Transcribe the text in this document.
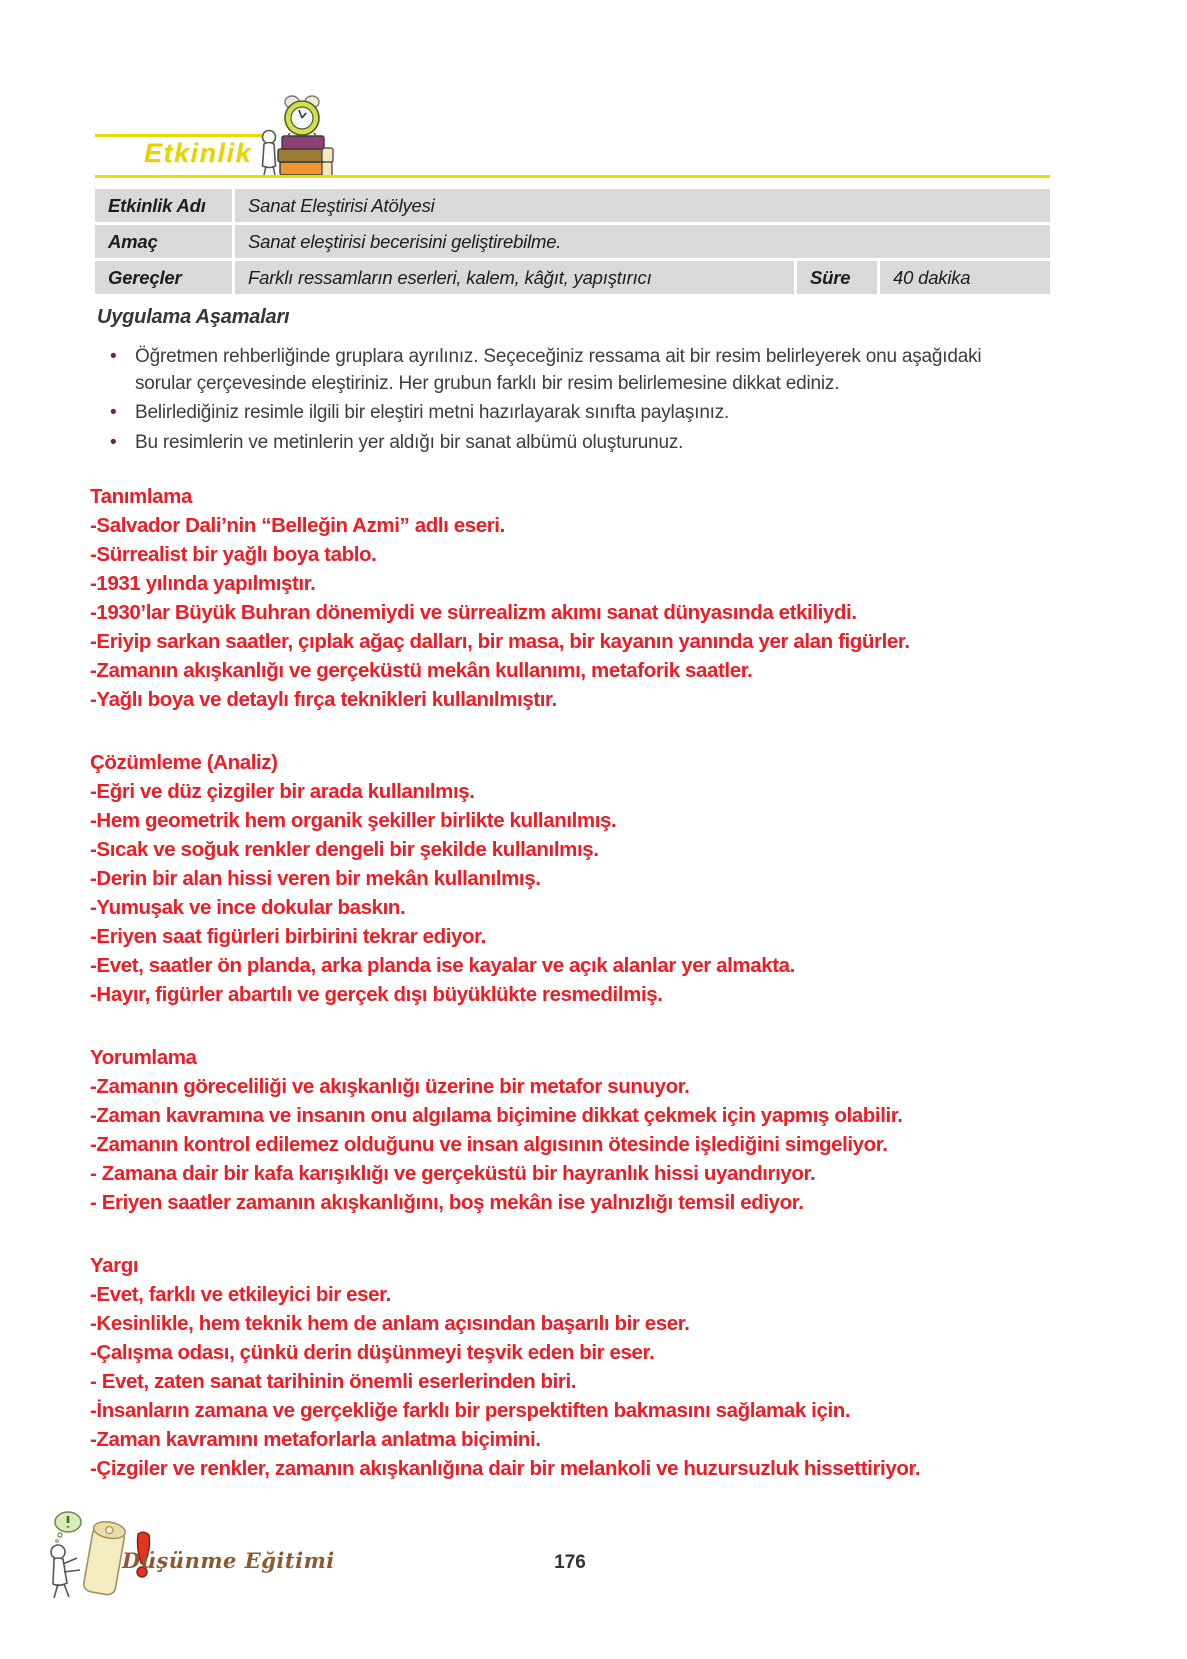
Etkinlik
Etkinlik Adı	Sanat Eleştirisi Atölyesi
Amaç	Sanat eleştirisi becerisini geliştirebilme.
Gereçler	Farklı ressamların eserleri, kalem, kâğıt, yapıştırıcı	Süre	40 dakika
Uygulama Aşamaları
• Öğretmen rehberliğinde gruplara ayrılınız. Seçeceğiniz ressama ait bir resim belirleyerek onu aşağıdaki sorular çerçevesinde eleştiriniz. Her grubun farklı bir resim belirlemesine dikkat ediniz.
• Belirlediğiniz resimle ilgili bir eleştiri metni hazırlayarak sınıfta paylaşınız.
• Bu resimlerin ve metinlerin yer aldığı bir sanat albümü oluşturunuz.
Tanımlama
-Salvador Dali’nin “Belleğin Azmi” adlı eseri.
-Sürrealist bir yağlı boya tablo.
-1931 yılında yapılmıştır.
-1930’lar Büyük Buhran dönemiydi ve sürrealizm akımı sanat dünyasında etkiliydi.
-Eriyip sarkan saatler, çıplak ağaç dalları, bir masa, bir kayanın yanında yer alan figürler.
-Zamanın akışkanlığı ve gerçeküstü mekân kullanımı, metaforik saatler.
-Yağlı boya ve detaylı fırça teknikleri kullanılmıştır.
Çözümleme (Analiz)
-Eğri ve düz çizgiler bir arada kullanılmış.
-Hem geometrik hem organik şekiller birlikte kullanılmış.
-Sıcak ve soğuk renkler dengeli bir şekilde kullanılmış.
-Derin bir alan hissi veren bir mekân kullanılmış.
-Yumuşak ve ince dokular baskın.
-Eriyen saat figürleri birbirini tekrar ediyor.
-Evet, saatler ön planda, arka planda ise kayalar ve açık alanlar yer almakta.
-Hayır, figürler abartılı ve gerçek dışı büyüklükte resmedilmiş.
Yorumlama
-Zamanın göreceliliği ve akışkanlığı üzerine bir metafor sunuyor.
-Zaman kavramına ve insanın onu algılama biçimine dikkat çekmek için yapmış olabilir.
-Zamanın kontrol edilemez olduğunu ve insan algısının ötesinde işlediğini simgeliyor.
- Zamana dair bir kafa karışıklığı ve gerçeküstü bir hayranlık hissi uyandırıyor.
- Eriyen saatler zamanın akışkanlığını, boş mekân ise yalnızlığı temsil ediyor.
Yargı
-Evet, farklı ve etkileyici bir eser.
-Kesinlikle, hem teknik hem de anlam açısından başarılı bir eser.
-Çalışma odası, çünkü derin düşünmeyi teşvik eden bir eser.
- Evet, zaten sanat tarihinin önemli eserlerinden biri.
-İnsanların zamana ve gerçekliğe farklı bir perspektiften bakmasını sağlamak için.
-Zaman kavramını metaforlarla anlatma biçimini.
-Çizgiler ve renkler, zamanın akışkanlığına dair bir melankoli ve huzursuzluk hissettiriyor.
Düşünme Eğitimi	176
